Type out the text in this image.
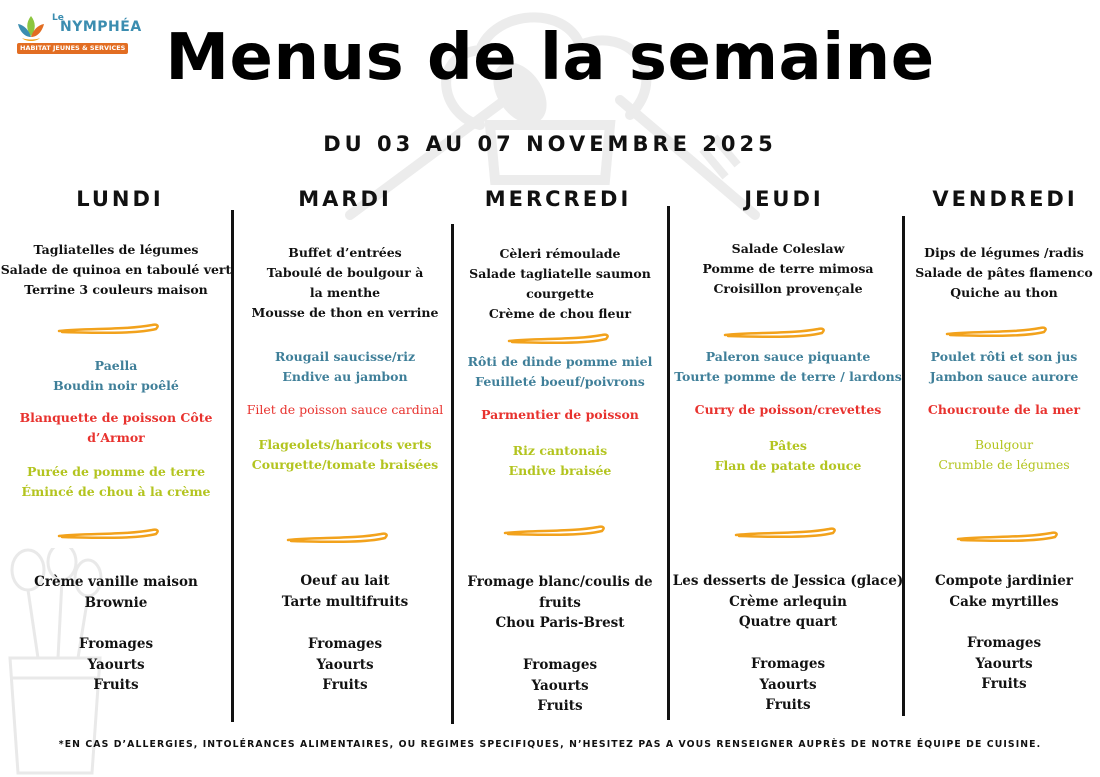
Le
NYMPHÉA
HABITAT JEUNES & SERVICES Menus de la semaine
DU 03 AU 07 NOVEMBRE 2025
LUNDI	MARDI	MERCREDI	JEUDI	VENDREDI
Tagliatelles de légumes
Salade de quinoa en taboulé vert
Terrine 3 couleurs maison
Paella
Boudin noir poêlé
Blanquette de poisson Côte d’Armor
Purée de pomme de terre
Émincé de chou à la crème
Crème vanille maison
Brownie
Fromages
Yaourts
Fruits
Buffet d’entrées
Taboulé de boulgour à la menthe
Mousse de thon en verrine
Rougail saucisse/riz
Endive au jambon
Filet de poisson sauce cardinal
Flageolets/haricots verts
Courgette/tomate braisées
Oeuf au lait
Tarte multifruits
Fromages
Yaourts
Fruits
Cèleri rémoulade
Salade tagliatelle saumon courgette
Crème de chou fleur
Rôti de dinde pomme miel
Feuilleté boeuf/poivrons
Parmentier de poisson
Riz cantonais
Endive braisée
Fromage blanc/coulis de fruits
Chou Paris-Brest
Fromages
Yaourts
Fruits
Salade Coleslaw
Pomme de terre mimosa
Croisillon provençale
Paleron sauce piquante
Tourte pomme de terre / lardons
Curry de poisson/crevettes
Pâtes
Flan de patate douce
Les desserts de Jessica (glace)
Crème arlequin
Quatre quart
Fromages
Yaourts
Fruits
Dips de légumes /radis
Salade de pâtes flamenco
Quiche au thon
Poulet rôti et son jus
Jambon sauce aurore
Choucroute de la mer
Boulgour
Crumble de légumes
Compote jardinier
Cake myrtilles
Fromages
Yaourts
Fruits
*EN CAS D’ALLERGIES, INTOLÉRANCES ALIMENTAIRES, OU REGIMES SPECIFIQUES, N’HESITEZ PAS A VOUS RENSEIGNER AUPRÈS DE NOTRE ÉQUIPE DE CUISINE.
